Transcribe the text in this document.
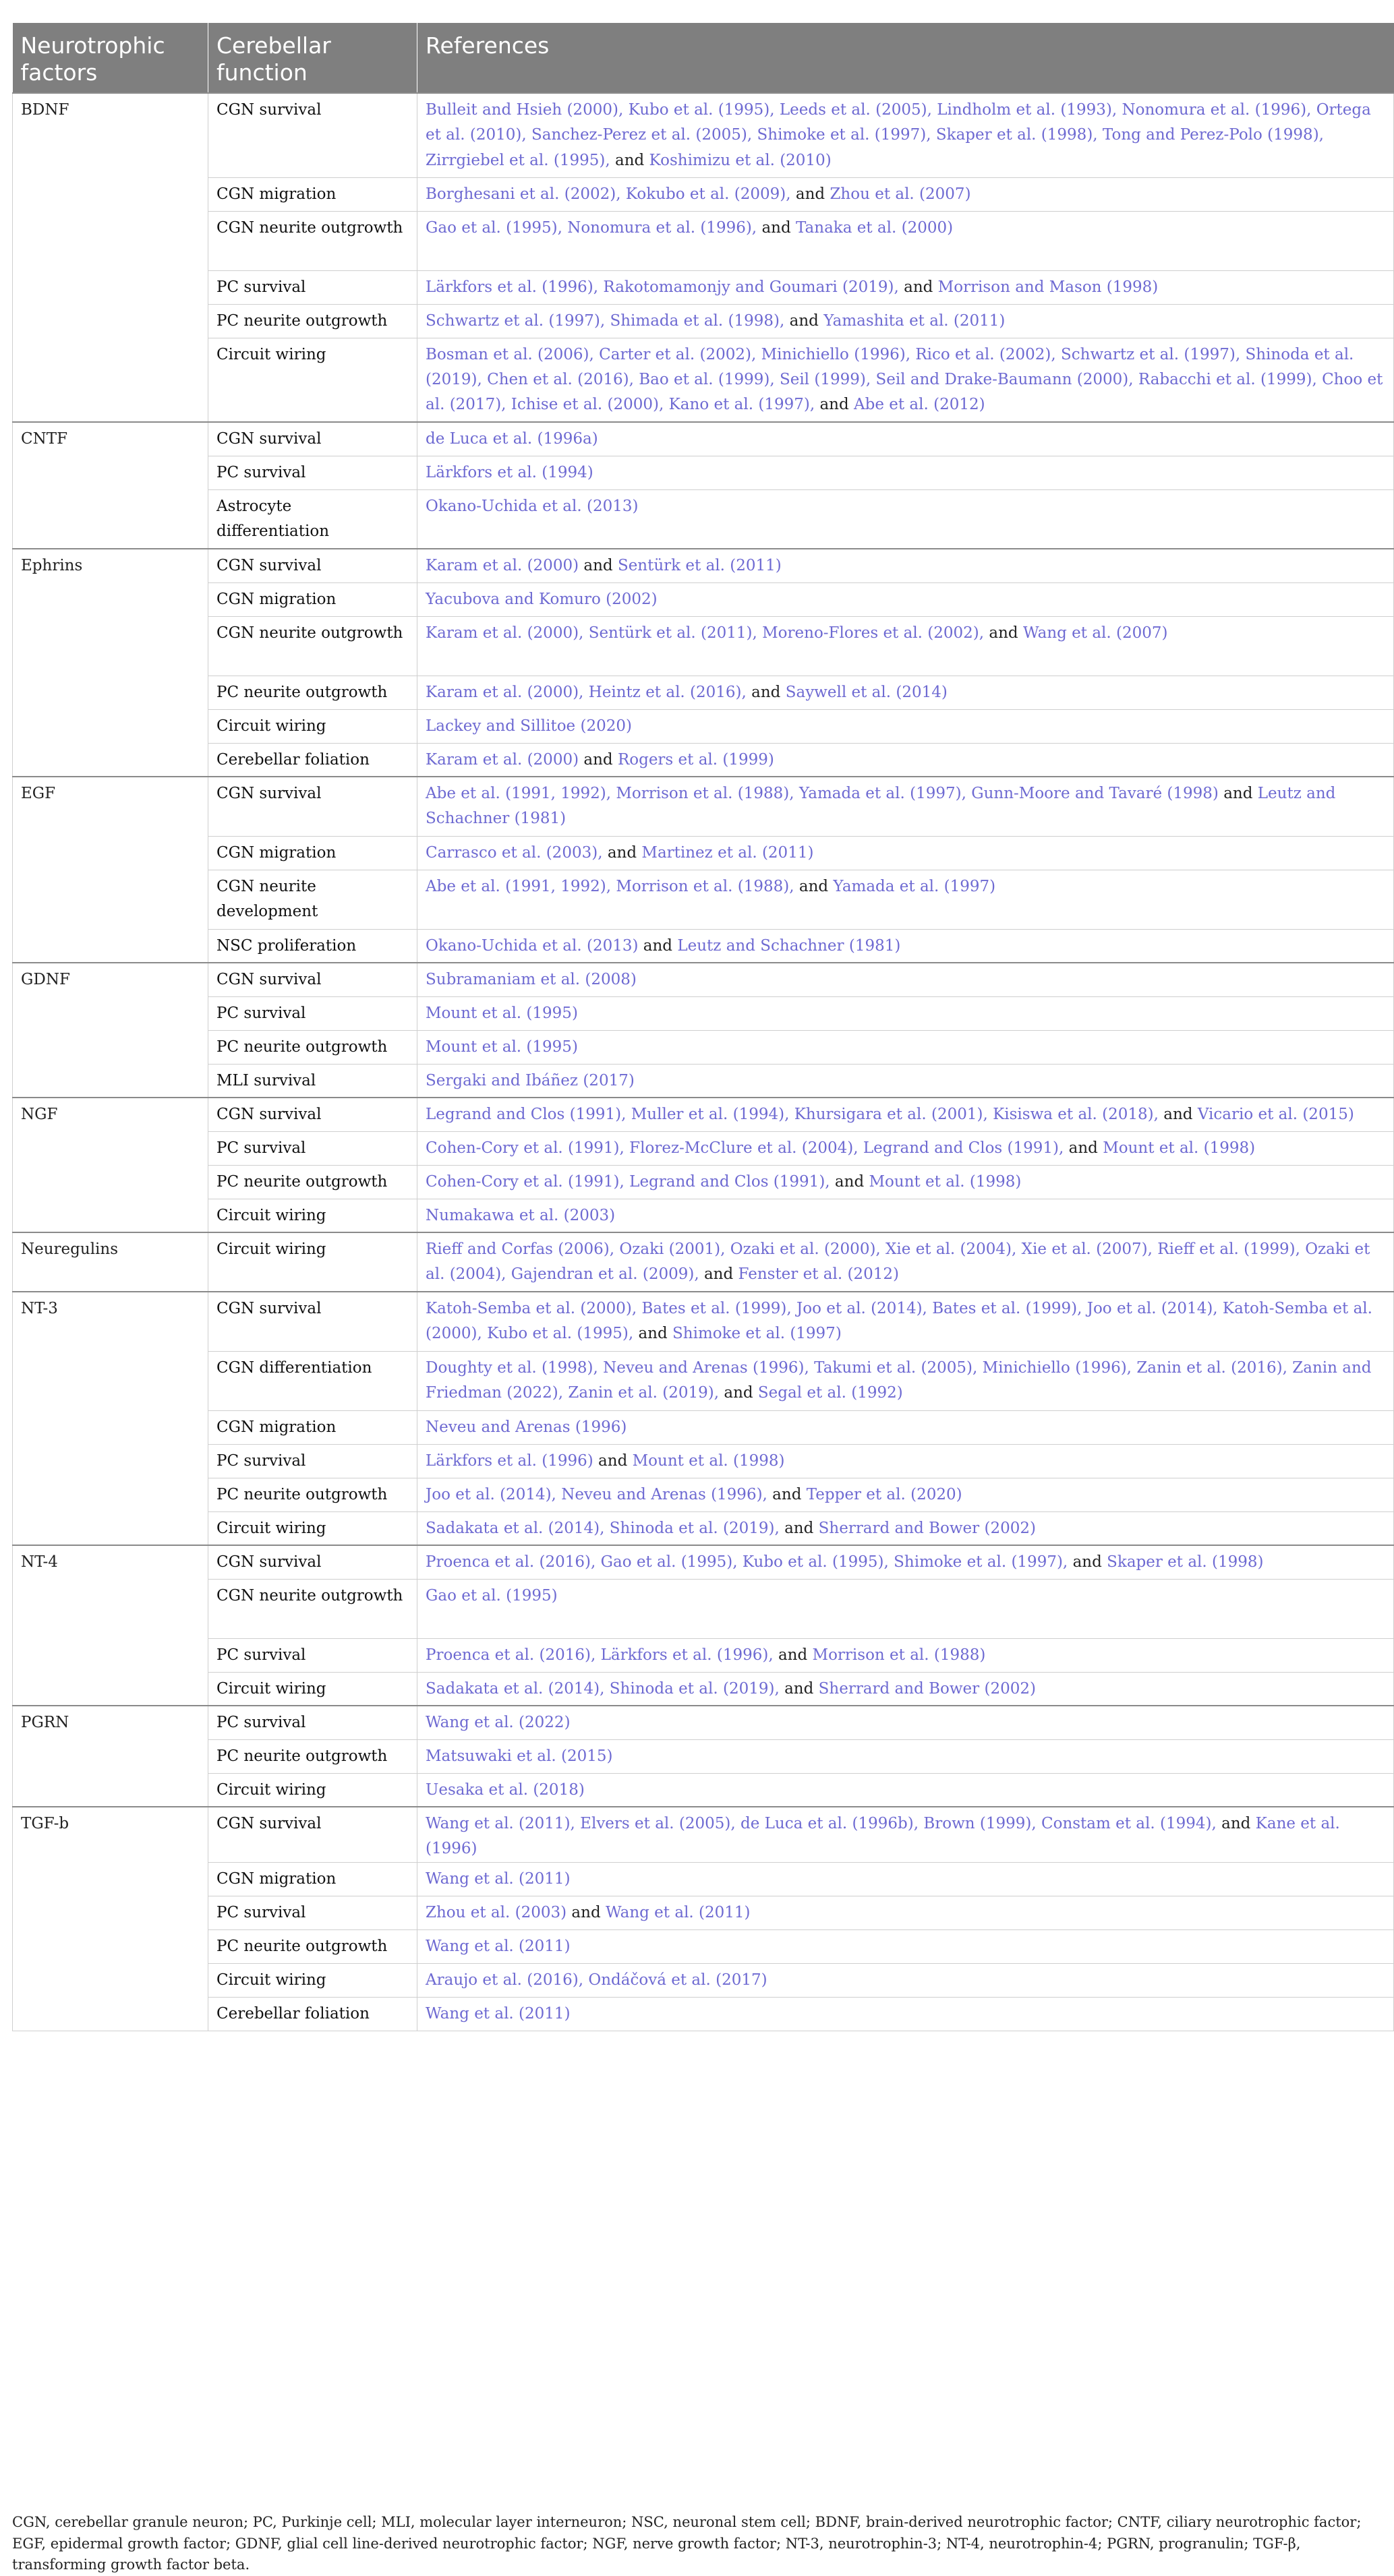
Neurotrophic factors	Cerebellar function	References

BDNF	CGN survival	Bulleit and Hsieh (2000), Kubo et al. (1995), Leeds et al. (2005), Lindholm et al. (1993), Nonomura et al. (1996), Ortega et al. (2010), Sanchez-Perez et al. (2005), Shimoke et al. (1997), Skaper et al. (1998), Tong and Perez-Polo (1998), Zirrgiebel et al. (1995), and Koshimizu et al. (2010)

	CGN migration	Borghesani et al. (2002), Kokubo et al. (2009), and Zhou et al. (2007)

	CGN neurite outgrowth	Gao et al. (1995), Nonomura et al. (1996), and Tanaka et al. (2000)

	PC survival	Lärkfors et al. (1996), Rakotomamonjy and Goumari (2019), and Morrison and Mason (1998)

	PC neurite outgrowth	Schwartz et al. (1997), Shimada et al. (1998), and Yamashita et al. (2011)

	Circuit wiring	Bosman et al. (2006), Carter et al. (2002), Minichiello (1996), Rico et al. (2002), Schwartz et al. (1997), Shinoda et al. (2019), Chen et al. (2016), Bao et al. (1999), Seil (1999), Seil and Drake-Baumann (2000), Rabacchi et al. (1999), Choo et al. (2017), Ichise et al. (2000), Kano et al. (1997), and Abe et al. (2012)

CNTF	CGN survival	de Luca et al. (1996a)

	PC survival	Lärkfors et al. (1994)

	Astrocyte differentiation	Okano-Uchida et al. (2013)

Ephrins	CGN survival	Karam et al. (2000) and Sentürk et al. (2011)

	CGN migration	Yacubova and Komuro (2002)

	CGN neurite outgrowth	Karam et al. (2000), Sentürk et al. (2011), Moreno-Flores et al. (2002), and Wang et al. (2007)

	PC neurite outgrowth	Karam et al. (2000), Heintz et al. (2016), and Saywell et al. (2014)

	Circuit wiring	Lackey and Sillitoe (2020)

	Cerebellar foliation	Karam et al. (2000) and Rogers et al. (1999)

EGF	CGN survival	Abe et al. (1991, 1992), Morrison et al. (1988), Yamada et al. (1997), Gunn-Moore and Tavaré (1998) and Leutz and Schachner (1981)

	CGN migration	Carrasco et al. (2003), and Martinez et al. (2011)

	CGN neurite development	Abe et al. (1991, 1992), Morrison et al. (1988), and Yamada et al. (1997)

	NSC proliferation	Okano-Uchida et al. (2013) and Leutz and Schachner (1981)

GDNF	CGN survival	Subramaniam et al. (2008)

	PC survival	Mount et al. (1995)

	PC neurite outgrowth	Mount et al. (1995)

	MLI survival	Sergaki and Ibáñez (2017)

NGF	CGN survival	Legrand and Clos (1991), Muller et al. (1994), Khursigara et al. (2001), Kisiswa et al. (2018), and Vicario et al. (2015)

	PC survival	Cohen-Cory et al. (1991), Florez-McClure et al. (2004), Legrand and Clos (1991), and Mount et al. (1998)

	PC neurite outgrowth	Cohen-Cory et al. (1991), Legrand and Clos (1991), and Mount et al. (1998)

	Circuit wiring	Numakawa et al. (2003)

Neuregulins	Circuit wiring	Rieff and Corfas (2006), Ozaki (2001), Ozaki et al. (2000), Xie et al. (2004), Xie et al. (2007), Rieff et al. (1999), Ozaki et al. (2004), Gajendran et al. (2009), and Fenster et al. (2012)

NT-3	CGN survival	Katoh-Semba et al. (2000), Bates et al. (1999), Joo et al. (2014), Bates et al. (1999), Joo et al. (2014), Katoh-Semba et al. (2000), Kubo et al. (1995), and Shimoke et al. (1997)

	CGN differentiation	Doughty et al. (1998), Neveu and Arenas (1996), Takumi et al. (2005), Minichiello (1996), Zanin et al. (2016), Zanin and Friedman (2022), Zanin et al. (2019), and Segal et al. (1992)

	CGN migration	Neveu and Arenas (1996)

	PC survival	Lärkfors et al. (1996) and Mount et al. (1998)

	PC neurite outgrowth	Joo et al. (2014), Neveu and Arenas (1996), and Tepper et al. (2020)

	Circuit wiring	Sadakata et al. (2014), Shinoda et al. (2019), and Sherrard and Bower (2002)

NT-4	CGN survival	Proenca et al. (2016), Gao et al. (1995), Kubo et al. (1995), Shimoke et al. (1997), and Skaper et al. (1998)

	CGN neurite outgrowth	Gao et al. (1995)

	PC survival	Proenca et al. (2016), Lärkfors et al. (1996), and Morrison et al. (1988)

	Circuit wiring	Sadakata et al. (2014), Shinoda et al. (2019), and Sherrard and Bower (2002)

PGRN	PC survival	Wang et al. (2022)

	PC neurite outgrowth	Matsuwaki et al. (2015)

	Circuit wiring	Uesaka et al. (2018)

TGF-b	CGN survival	Wang et al. (2011), Elvers et al. (2005), de Luca et al. (1996b), Brown (1999), Constam et al. (1994), and Kane et al. (1996)

	CGN migration	Wang et al. (2011)

	PC survival	Zhou et al. (2003) and Wang et al. (2011)

	PC neurite outgrowth	Wang et al. (2011)

	Circuit wiring	Araujo et al. (2016), Ondáčová et al. (2017)

	Cerebellar foliation	Wang et al. (2011)
CGN, cerebellar granule neuron; PC, Purkinje cell; MLI, molecular layer interneuron; NSC, neuronal stem cell; BDNF, brain-derived neurotrophic factor; CNTF, ciliary neurotrophic factor; EGF, epidermal growth factor; GDNF, glial cell line-derived neurotrophic factor; NGF, nerve growth factor; NT-3, neurotrophin-3; NT-4, neurotrophin-4; PGRN, progranulin; TGF-β, transforming growth factor beta.
